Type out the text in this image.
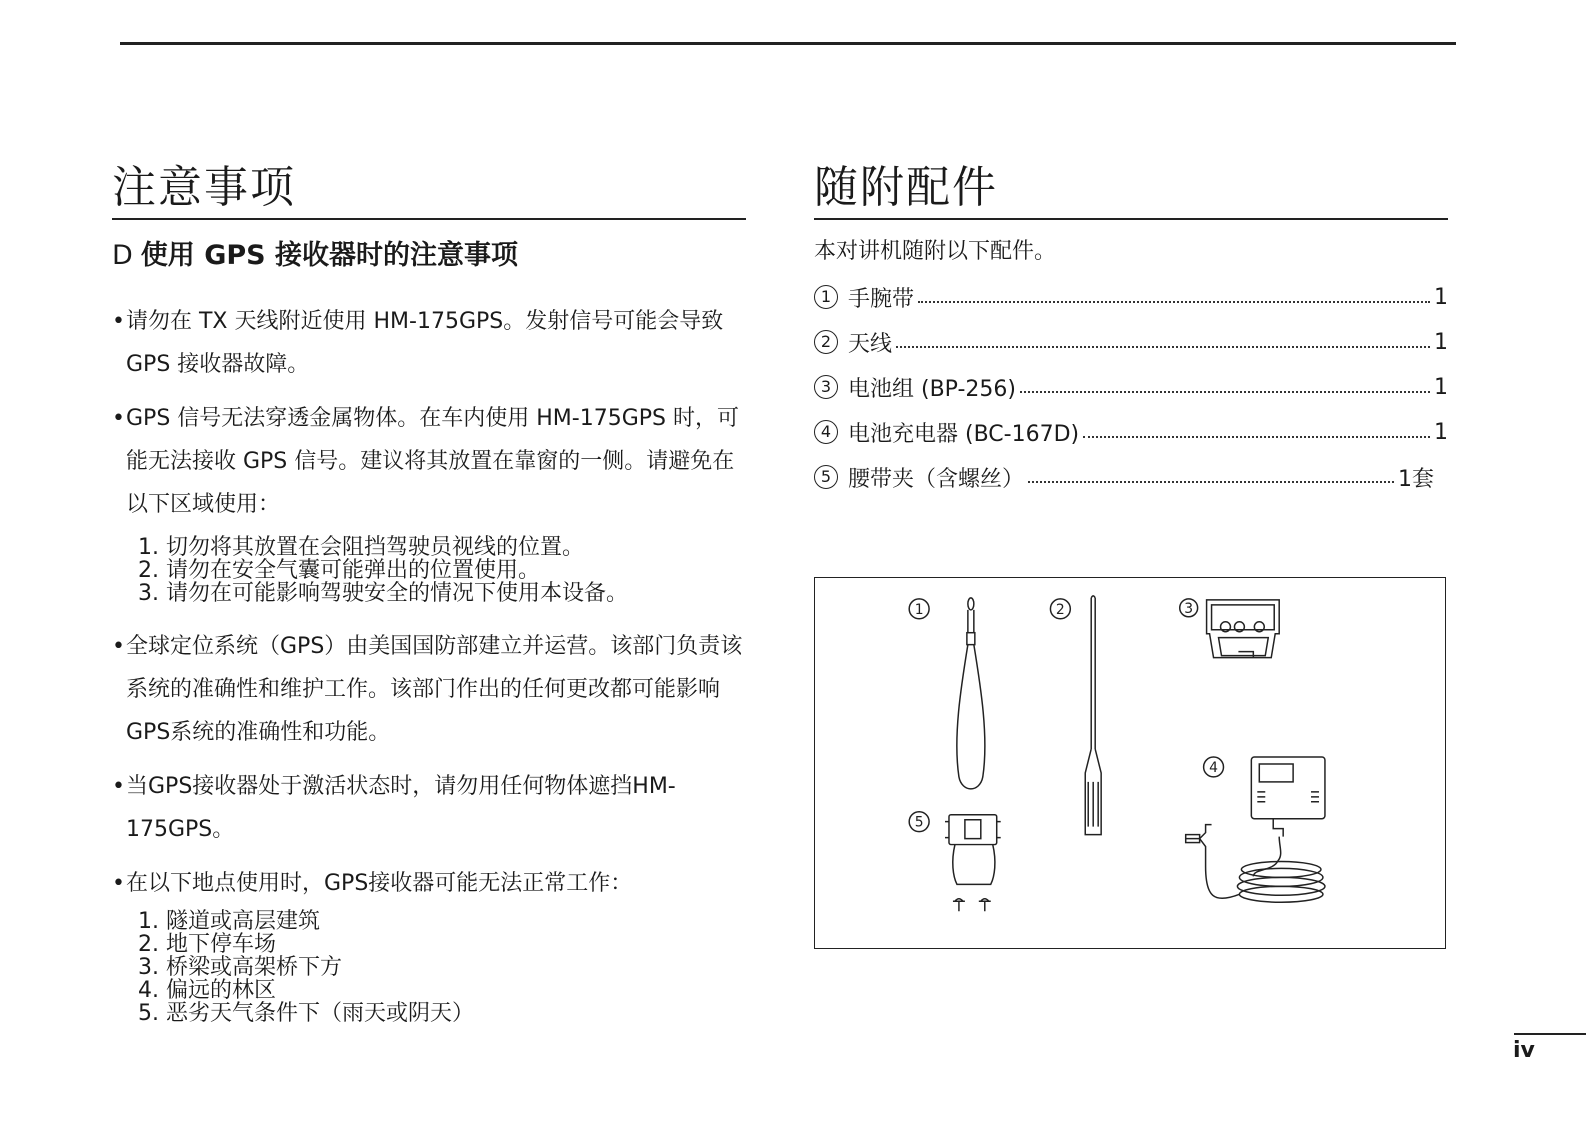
注意事项
D 使用 GPS 接收器时的注意事项
• 请勿在 TX 天线附近使用 HM-175GPS。发射信号可能会导致 GPS 接收器故障。
• GPS 信号无法穿透金属物体。在车内使用 HM-175GPS 时，可能无法接收 GPS 信号。建议将其放置在靠窗的一侧。请避免在以下区域使用：
1. 切勿将其放置在会阻挡驾驶员视线的位置。
2. 请勿在安全气囊可能弹出的位置使用。
3. 请勿在可能影响驾驶安全的情况下使用本设备。
• 全球定位系统（GPS）由美国国防部建立并运营。该部门负责该系统的准确性和维护工作。该部门作出的任何更改都可能影响GPS系统的准确性和功能。
• 当GPS接收器处于激活状态时，请勿用任何物体遮挡HM-175GPS。
• 在以下地点使用时，GPS接收器可能无法正常工作：
1. 隧道或高层建筑
2. 地下停车场
3. 桥梁或高架桥下方
4. 偏远的林区
5. 恶劣天气条件下（雨天或阴天）
随附配件
本对讲机随附以下配件。
1 手腕带	1
2 天线	1
3 电池组 (BP-256)	1
4 电池充电器 (BC-167D)	1
5 腰带夹（含螺丝）	1套
1	2	3
4
5
iv
